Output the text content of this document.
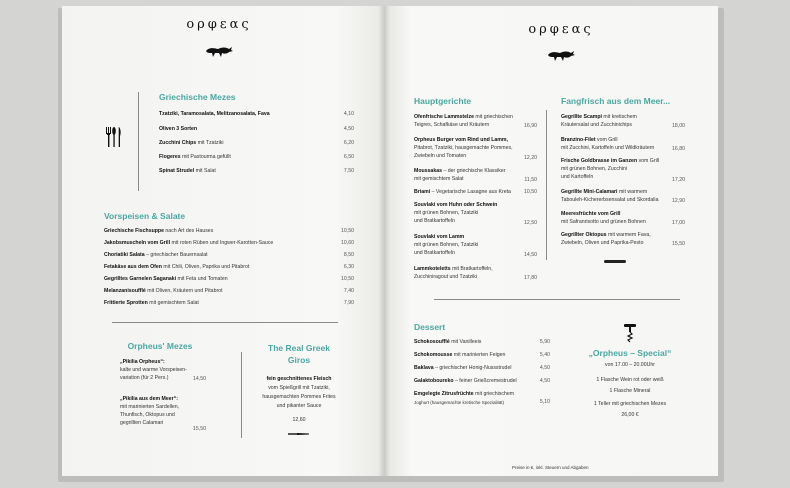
ορφεας
Griechische Mezes
Tzatziki, Taramosalata, Melitzanosalata, Fava	4,10
Oliven 3 Sorten	4,50
Zucchini Chips mit Tzatziki	6,20
Flogeres mit Pastourma gefüllt	6,50
Spinat Strudel mit Salat	7,50
Vorspeisen & Salate
Griechische Fischsuppe nach Art des Hauses	10,50
Jakobsmuscheln vom Grill mit roten Rüben und Ingwer-Karotten-Sauce	10,60
Choriatiki Salata – griechischer Bauernsalat	8,50
Fetakäse aus dem Ofen mit Chili, Oliven, Paprika und Pitabrot	6,30
Gegrilltes Garnelen Saganaki mit Feta und Tomaten	10,50
Melanzanisoufflé mit Oliven, Kräutern und Pitabrot	7,40
Frittierte Sprotten mit gemischtem Salat	7,90
Orpheus' Mezes
„Pikilia Orpheus“:
kalte und warme Vorspeisen-
variation (für 2 Pers.)	14,50
„Pikilia aus dem Meer“:
mit marinierten Sardellen,
Thunfisch, Oktopus und
gegrillten Calamari
15,50
The Real Greek
Giros
fein geschnittenes Fleisch
vom Spießgrill mit Tzatziki,
hausgemachten Pommes Frites
und pikanter Sauce
12,60
ορφεας
Hauptgerichte
Ofenfrische Lammstelze mit griechischen
Teigres, Schafkäse und Kräutern	16,90
Orpheus Burger vom Rind und Lamm,
Pitabrot, Tzatziki, hausgemachte Pommes,
Zwiebeln und Tomaten	12,20
Moussakas – der griechische Klassiker
mit gemischtem Salat	11,50
Briami – Vegetarische Lasagne aus Kreta	10,50
Souvlaki vom Huhn oder Schwein
mit grünen Bohnen, Tzatziki
und Bratkartoffeln	12,50
Souvlaki vom Lamm
mit grünen Bohnen, Tzatziki
und Bratkartoffeln	14,50
Lammkoteletts mit Bratkartoffeln,
Zucchiniragout und Tzatziki	17,80
Fangfrisch aus dem Meer...
Gegrillte Scampi mit kretischem
Kräutersalat und Zucchinichips	18,00
Branzino-Filet vom Grill
mit Zucchini, Kartoffeln und Wildkräutern	16,80
Frische Goldbrasse im Ganzen vom Grill
mit grünen Bohnen, Zucchini
und Kartoffeln	17,20
Gegrillte Mini-Calamari mit warmem
Tabouleh-Kichererbsensalat und Skordalia	12,90
Meeresfrüchte vom Grill
mit Safranrisotto und grünen Bohnen	17,00
Gegrillter Oktopus mit warmem Fava,
Zwiebeln, Oliven und Paprika-Pesto	15,50
Dessert
Schokosoufflé mit Vanilleeis	5,90
Schokomousse mit marinierten Feigen	5,40
Baklava – griechischer Honig-Nussstrudel	4,50
Galaktoboureko – feiner Grießcremestrudel	4,50
Emgelegte Zitrusfrüchte mit griechischem
Joghurt (hausgemachte kretische Spezialität)	5,10
„Orpheus – Special“
von 17.00 – 20.00Uhr
1 Flasche Wein rot oder weiß
1 Flasche Mineral
1 Teller mit griechischen Mezes
26,00 €
Preise in €, inkl. Steuern und Abgaben
